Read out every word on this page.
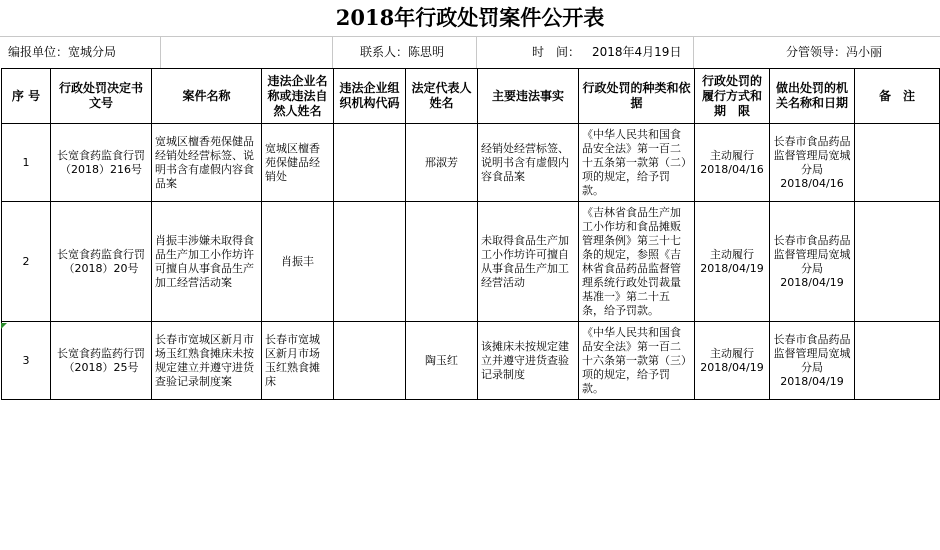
2018年行政处罚案件公开表
编报单位：宽城分局	联系人：陈思明	时　间： 2018年4月19日	分管领导：冯小丽
序 号	行政处罚决定书文号	案件名称	违法企业名称或违法自然人姓名	违法企业组织机构代码	法定代表人姓名	主要违法事实	行政处罚的种类和依据	行政处罚的履行方式和期　限	做出处罚的机关名称和日期	备　注
1	长宽食药监食行罚（2018）216号	宽城区檀香苑保健品经销处经营标签、说明书含有虚假内容食品案	宽城区檀香苑保健品经销处		邢淑芳	经销处经营标签、说明书含有虚假内容食品案	《中华人民共和国食品安全法》第一百二十五条第一款第（二）项的规定，给予罚款。	主动履行2018/04/16	长春市食品药品监督管理局宽城分局2018/04/16	
2	长宽食药监食行罚（2018）20号	肖振丰涉嫌未取得食品生产加工小作坊许可擅自从事食品生产加工经营活动案	肖振丰			未取得食品生产加工小作坊许可擅自从事食品生产加工经营活动	《吉林省食品生产加工小作坊和食品摊贩管理条例》第三十七条的规定，参照《吉林省食品药品监督管理系统行政处罚裁量基准一》第二十五条，给予罚款。	主动履行2018/04/19	长春市食品药品监督管理局宽城分局2018/04/19	
3	长宽食药监药行罚（2018）25号	长春市宽城区新月市场玉红熟食摊床未按规定建立并遵守进货查验记录制度案	长春市宽城区新月市场玉红熟食摊床		陶玉红	该摊床未按规定建立并遵守进货查验记录制度	《中华人民共和国食品安全法》第一百二十六条第一款第（三）项的规定，给予罚款。	主动履行2018/04/19	长春市食品药品监督管理局宽城分局2018/04/19	
